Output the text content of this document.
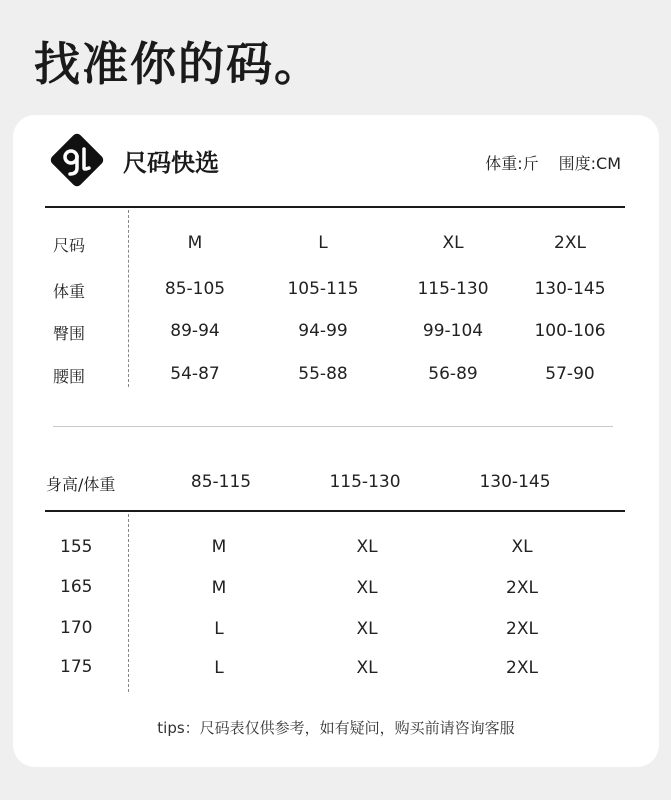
找准你的码。
尺码快选	体重:斤 围度:CM
尺码	M	L	XL	2XL
体重	85-105	105-115	115-130	130-145
臀围	89-94	94-99	99-104	100-106
腰围	54-87	55-88	56-89	57-90
身高/体重	85-115	115-130	130-145
155	M	XL	XL
165	M	XL	2XL
170	L	XL	2XL
175	L	XL	2XL
tips：尺码表仅供参考，如有疑问，购买前请咨询客服
